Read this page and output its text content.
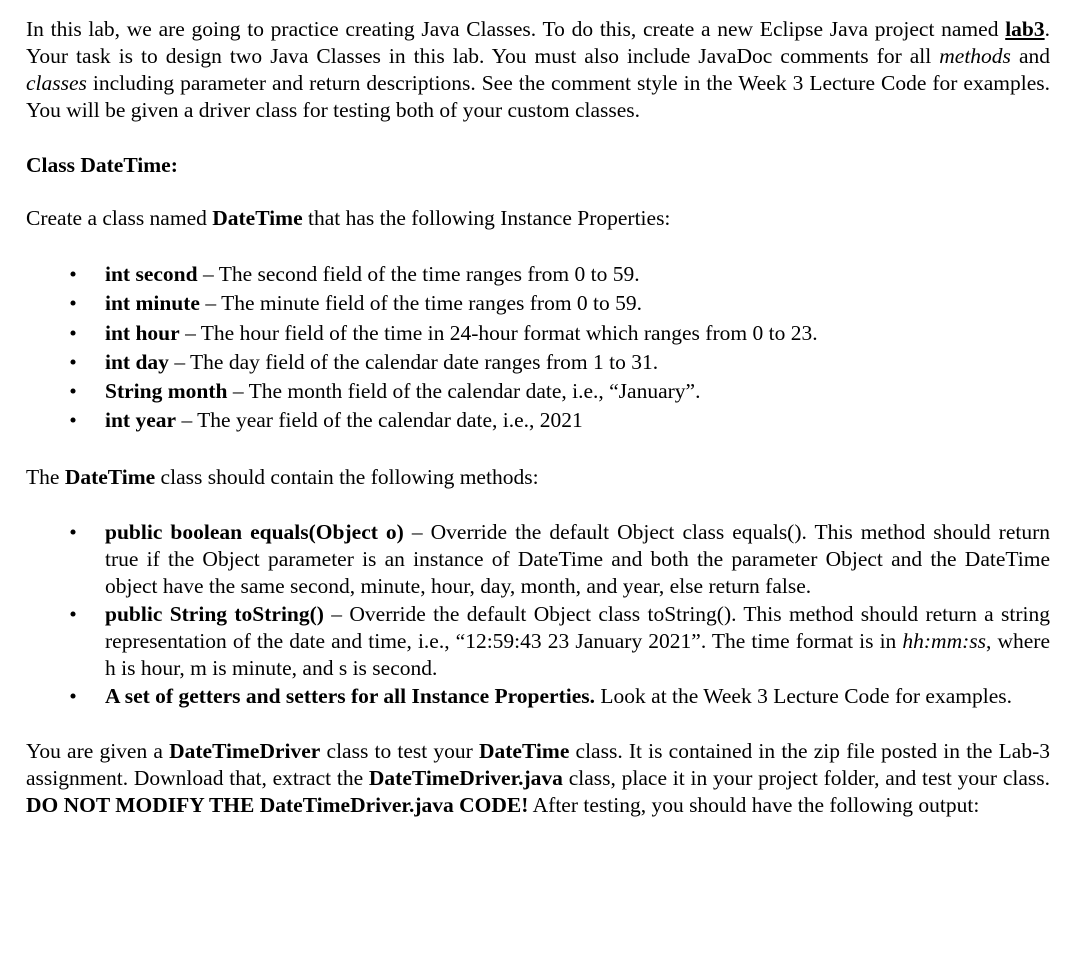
In this lab, we are going to practice creating Java Classes. To do this, create a new Eclipse Java project named lab3. Your task is to design two Java Classes in this lab. You must also include JavaDoc comments for all methods and classes including parameter and return descriptions. See the comment style in the Week 3 Lecture Code for examples. You will be given a driver class for testing both of your custom classes.

Class DateTime:

Create a class named DateTime that has the following Instance Properties:

• int second – The second field of the time ranges from 0 to 59.
• int minute – The minute field of the time ranges from 0 to 59.
• int hour – The hour field of the time in 24-hour format which ranges from 0 to 23.
• int day – The day field of the calendar date ranges from 1 to 31.
• String month – The month field of the calendar date, i.e., “January”.
• int year – The year field of the calendar date, i.e., 2021

The DateTime class should contain the following methods:

• public boolean equals(Object o) – Override the default Object class equals(). This method should return true if the Object parameter is an instance of DateTime and both the parameter Object and the DateTime object have the same second, minute, hour, day, month, and year, else return false.
• public String toString() – Override the default Object class toString(). This method should return a string representation of the date and time, i.e., “12:59:43 23 January 2021”. The time format is in hh:mm:ss, where h is hour, m is minute, and s is second.
• A set of getters and setters for all Instance Properties. Look at the Week 3 Lecture Code for examples.

You are given a DateTimeDriver class to test your DateTime class. It is contained in the zip file posted in the Lab-3 assignment. Download that, extract the DateTimeDriver.java class, place it in your project folder, and test your class. DO NOT MODIFY THE DateTimeDriver.java CODE! After testing, you should have the following output:
